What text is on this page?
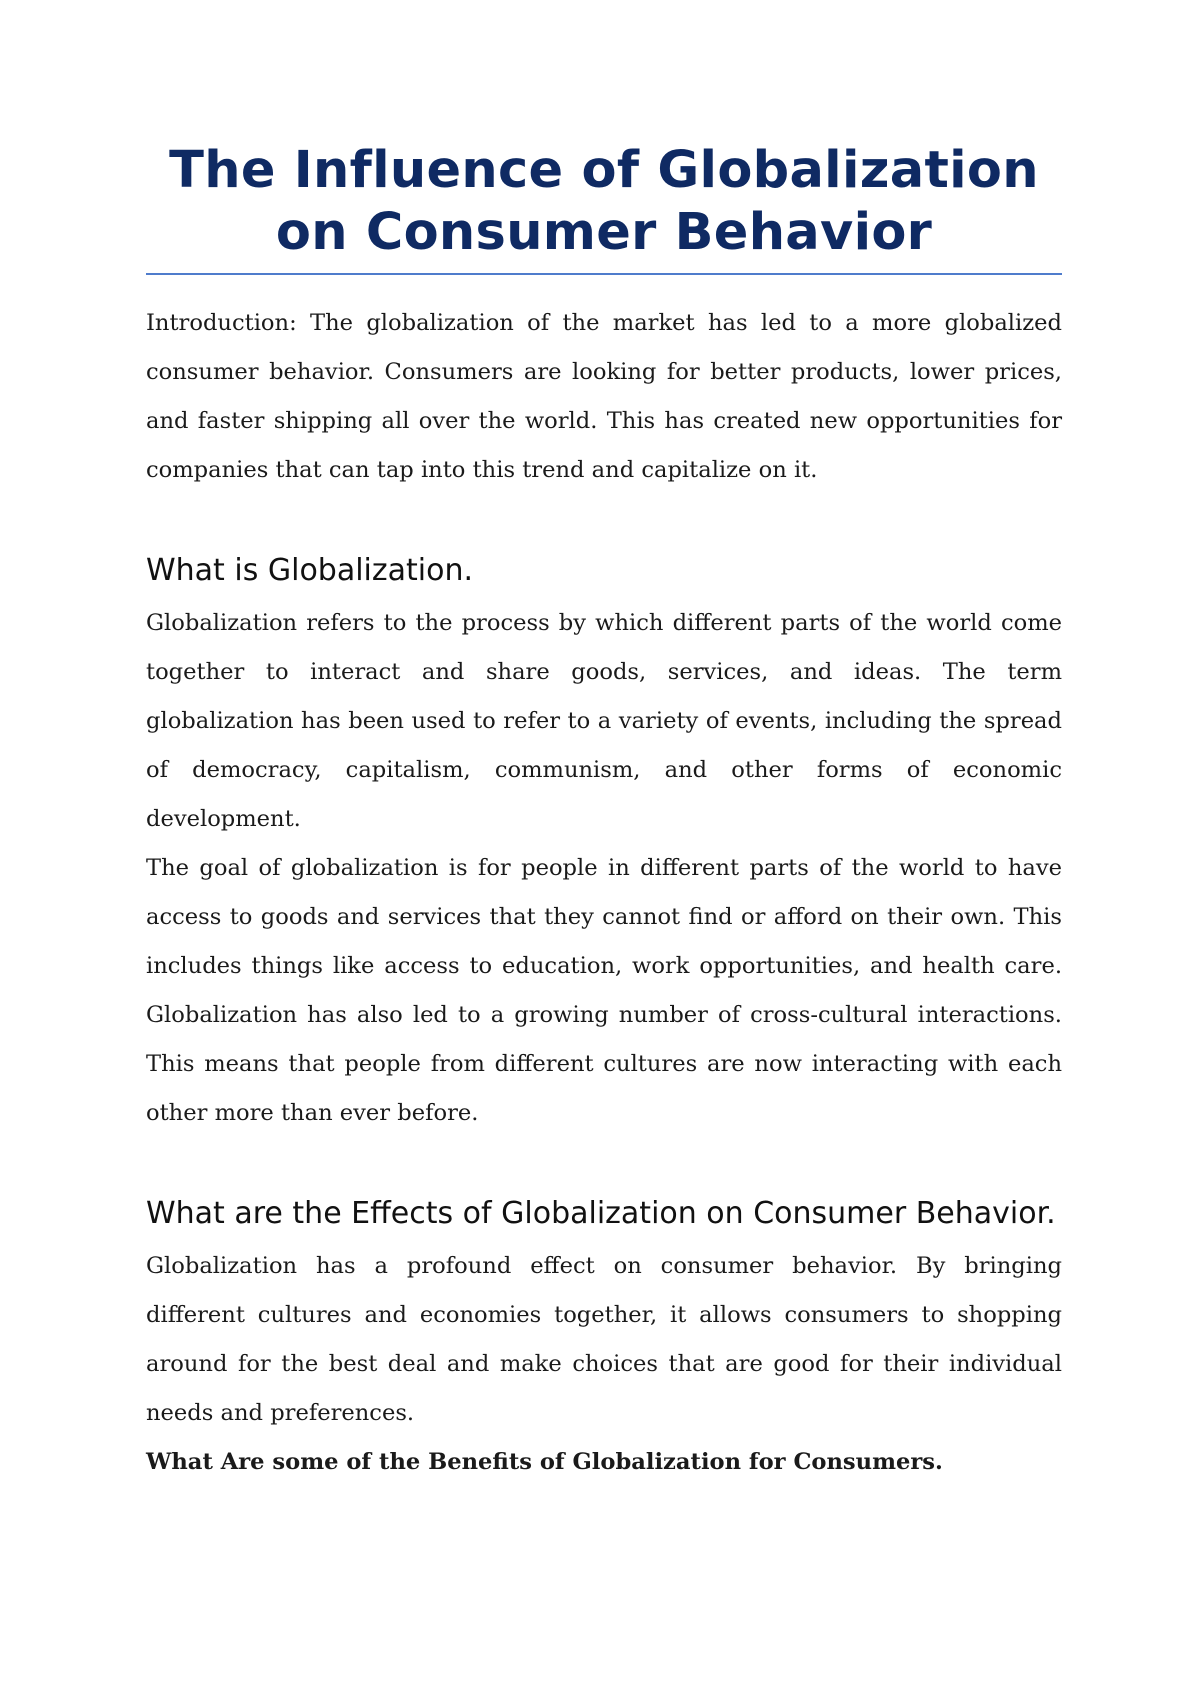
The Influence of Globalization on Consumer Behavior

Introduction: The globalization of the market has led to a more globalized consumer behavior. Consumers are looking for better products, lower prices, and faster shipping all over the world. This has created new opportunities for companies that can tap into this trend and capitalize on it.

What is Globalization.

Globalization refers to the process by which different parts of the world come together to interact and share goods, services, and ideas. The term globalization has been used to refer to a variety of events, including the spread of democracy, capitalism, communism, and other forms of economic development.

The goal of globalization is for people in different parts of the world to have access to goods and services that they cannot find or afford on their own. This includes things like access to education, work opportunities, and health care. Globalization has also led to a growing number of cross-cultural interactions. This means that people from different cultures are now interacting with each other more than ever before.

What are the Effects of Globalization on Consumer Behavior.

Globalization has a profound effect on consumer behavior. By bringing different cultures and economies together, it allows consumers to shopping around for the best deal and make choices that are good for their individual needs and preferences.

What Are some of the Benefits of Globalization for Consumers.
